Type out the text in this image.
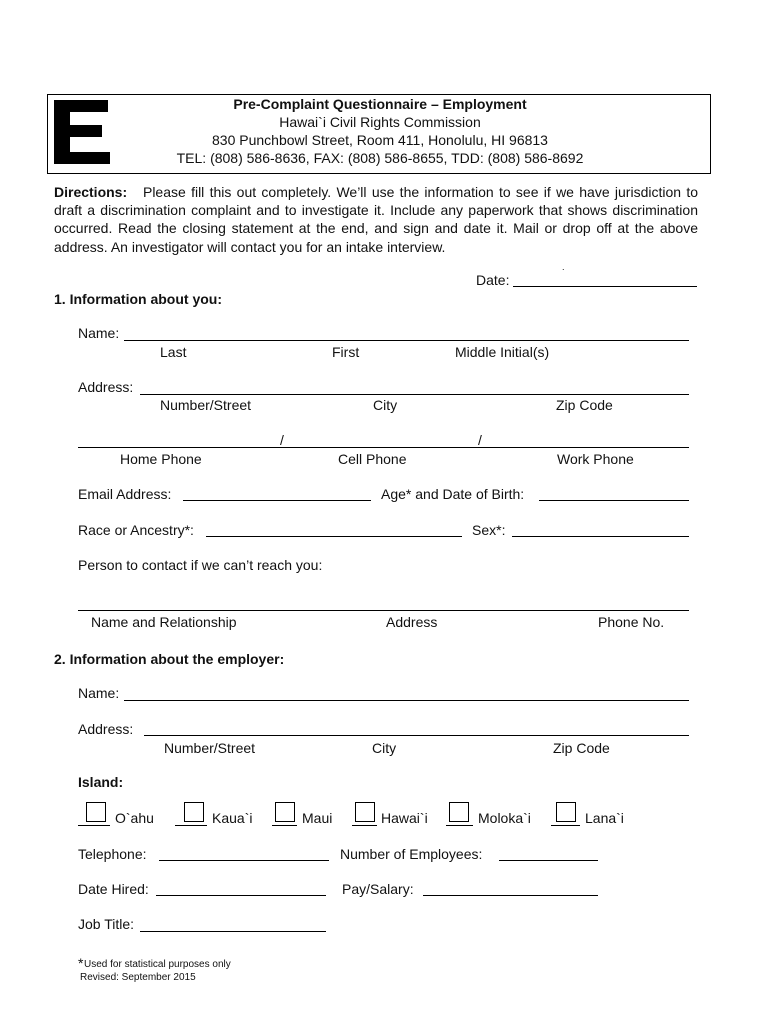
Pre-Complaint Questionnaire – Employment
Hawai`i Civil Rights Commission
830 Punchbowl Street, Room 411, Honolulu, HI 96813
TEL: (808) 586-8636, FAX: (808) 586-8655, TDD: (808) 586-8692
Directions: Please fill this out completely. We’ll use the information to see if we have jurisdiction to draft a discrimination complaint and to investigate it. Include any paperwork that shows discrimination occurred. Read the closing statement at the end, and sign and date it. Mail or drop off at the above address. An investigator will contact you for an intake interview.
.
Date:
1. Information about you:
Name:
Last	First	Middle Initial(s)
Address:
Number/Street	City	Zip Code
/	/
Home Phone	Cell Phone	Work Phone
Email Address:	Age* and Date of Birth:
Race or Ancestry*:	Sex*:
Person to contact if we can’t reach you:
Name and Relationship	Address	Phone No.
2. Information about the employer:
Name:
Address:
Number/Street	City	Zip Code
Island:
O`ahu	Kaua`i	Maui	Hawai`i	Moloka`i	Lana`i
Telephone:	Number of Employees:
Date Hired:	Pay/Salary:
Job Title:
* Used for statistical purposes only
Revised: September 2015
